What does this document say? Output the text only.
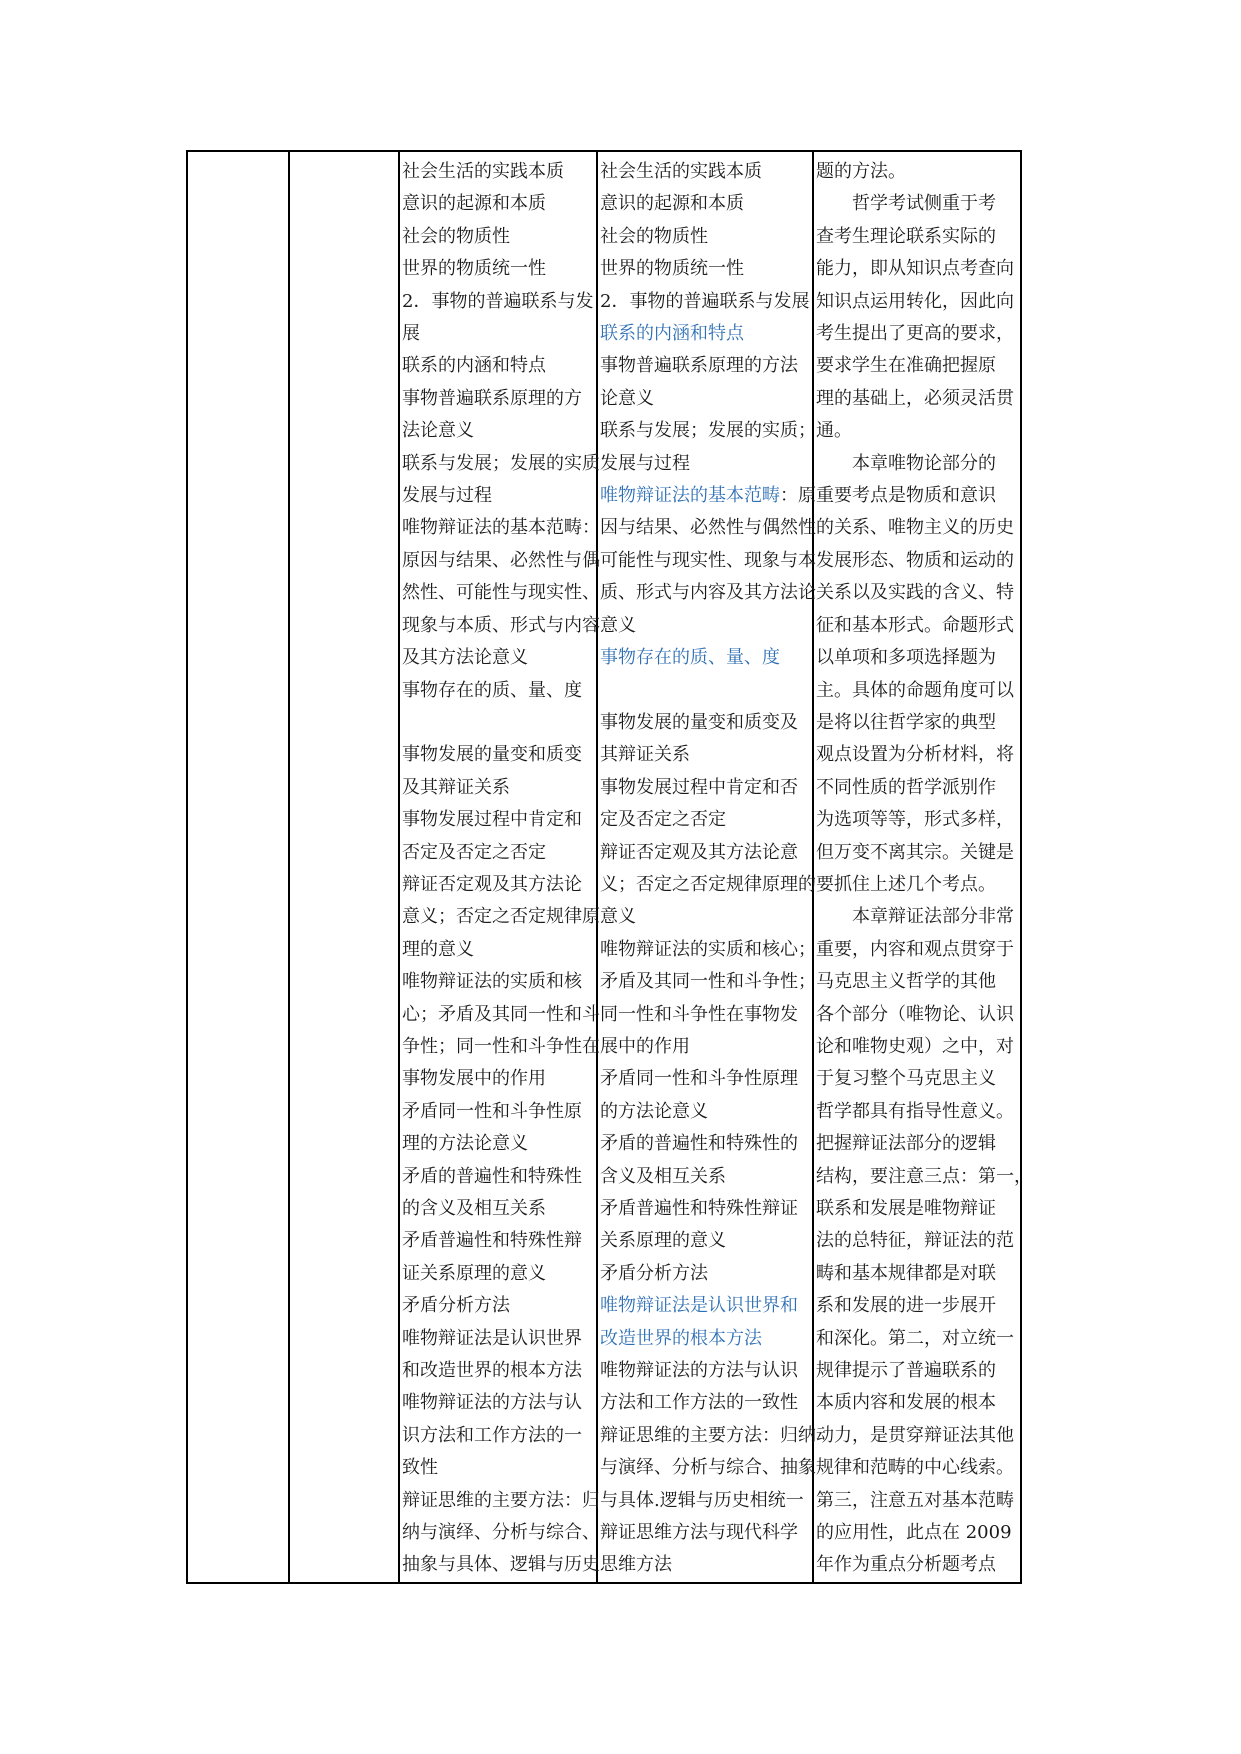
社会生活的实践本质
意识的起源和本质
社会的物质性
世界的物质统一性
2．事物的普遍联系与发
展
联系的内涵和特点
事物普遍联系原理的方
法论意义
联系与发展；发展的实质
发展与过程
唯物辩证法的基本范畴：
原因与结果、必然性与偶
然性、可能性与现实性、
现象与本质、形式与内容
及其方法论意义
事物存在的质、量、度
事物发展的量变和质变
及其辩证关系
事物发展过程中肯定和
否定及否定之否定
辩证否定观及其方法论
意义；否定之否定规律原
理的意义
唯物辩证法的实质和核
心；矛盾及其同一性和斗
争性；同一性和斗争性在
事物发展中的作用
矛盾同一性和斗争性原
理的方法论意义
矛盾的普遍性和特殊性
的含义及相互关系
矛盾普遍性和特殊性辩
证关系原理的意义
矛盾分析方法
唯物辩证法是认识世界
和改造世界的根本方法
唯物辩证法的方法与认
识方法和工作方法的一
致性
辩证思维的主要方法：归
纳与演绎、分析与综合、
抽象与具体、逻辑与历史

社会生活的实践本质
意识的起源和本质
社会的物质性
世界的物质统一性
2．事物的普遍联系与发展
联系的内涵和特点
事物普遍联系原理的方法
论意义
联系与发展；发展的实质；
发展与过程
唯物辩证法的基本范畴：原
因与结果、必然性与偶然性
可能性与现实性、现象与本
质、形式与内容及其方法论
意义
事物存在的质、量、度
事物发展的量变和质变及
其辩证关系
事物发展过程中肯定和否
定及否定之否定
辩证否定观及其方法论意
义；否定之否定规律原理的
意义
唯物辩证法的实质和核心；
矛盾及其同一性和斗争性；
同一性和斗争性在事物发
展中的作用
矛盾同一性和斗争性原理
的方法论意义
矛盾的普遍性和特殊性的
含义及相互关系
矛盾普遍性和特殊性辩证
关系原理的意义
矛盾分析方法
唯物辩证法是认识世界和
改造世界的根本方法
唯物辩证法的方法与认识
方法和工作方法的一致性
辩证思维的主要方法：归纳
与演绎、分析与综合、抽象
与具体.逻辑与历史相统一
辩证思维方法与现代科学
思维方法

题的方法。
哲学考试侧重于考
查考生理论联系实际的
能力，即从知识点考查向
知识点运用转化，因此向
考生提出了更高的要求，
要求学生在准确把握原
理的基础上，必须灵活贯
通。
本章唯物论部分的
重要考点是物质和意识
的关系、唯物主义的历史
发展形态、物质和运动的
关系以及实践的含义、特
征和基本形式。命题形式
以单项和多项选择题为
主。具体的命题角度可以
是将以往哲学家的典型
观点设置为分析材料，将
不同性质的哲学派别作
为选项等等，形式多样，
但万变不离其宗。关键是
要抓住上述几个考点。
本章辩证法部分非常
重要，内容和观点贯穿于
马克思主义哲学的其他
各个部分（唯物论、认识
论和唯物史观）之中，对
于复习整个马克思主义
哲学都具有指导性意义。
把握辩证法部分的逻辑
结构，要注意三点：第一，
联系和发展是唯物辩证
法的总特征，辩证法的范
畴和基本规律都是对联
系和发展的进一步展开
和深化。第二，对立统一
规律提示了普遍联系的
本质内容和发展的根本
动力，是贯穿辩证法其他
规律和范畴的中心线索。
第三，注意五对基本范畴
的应用性，此点在 2009
年作为重点分析题考点
